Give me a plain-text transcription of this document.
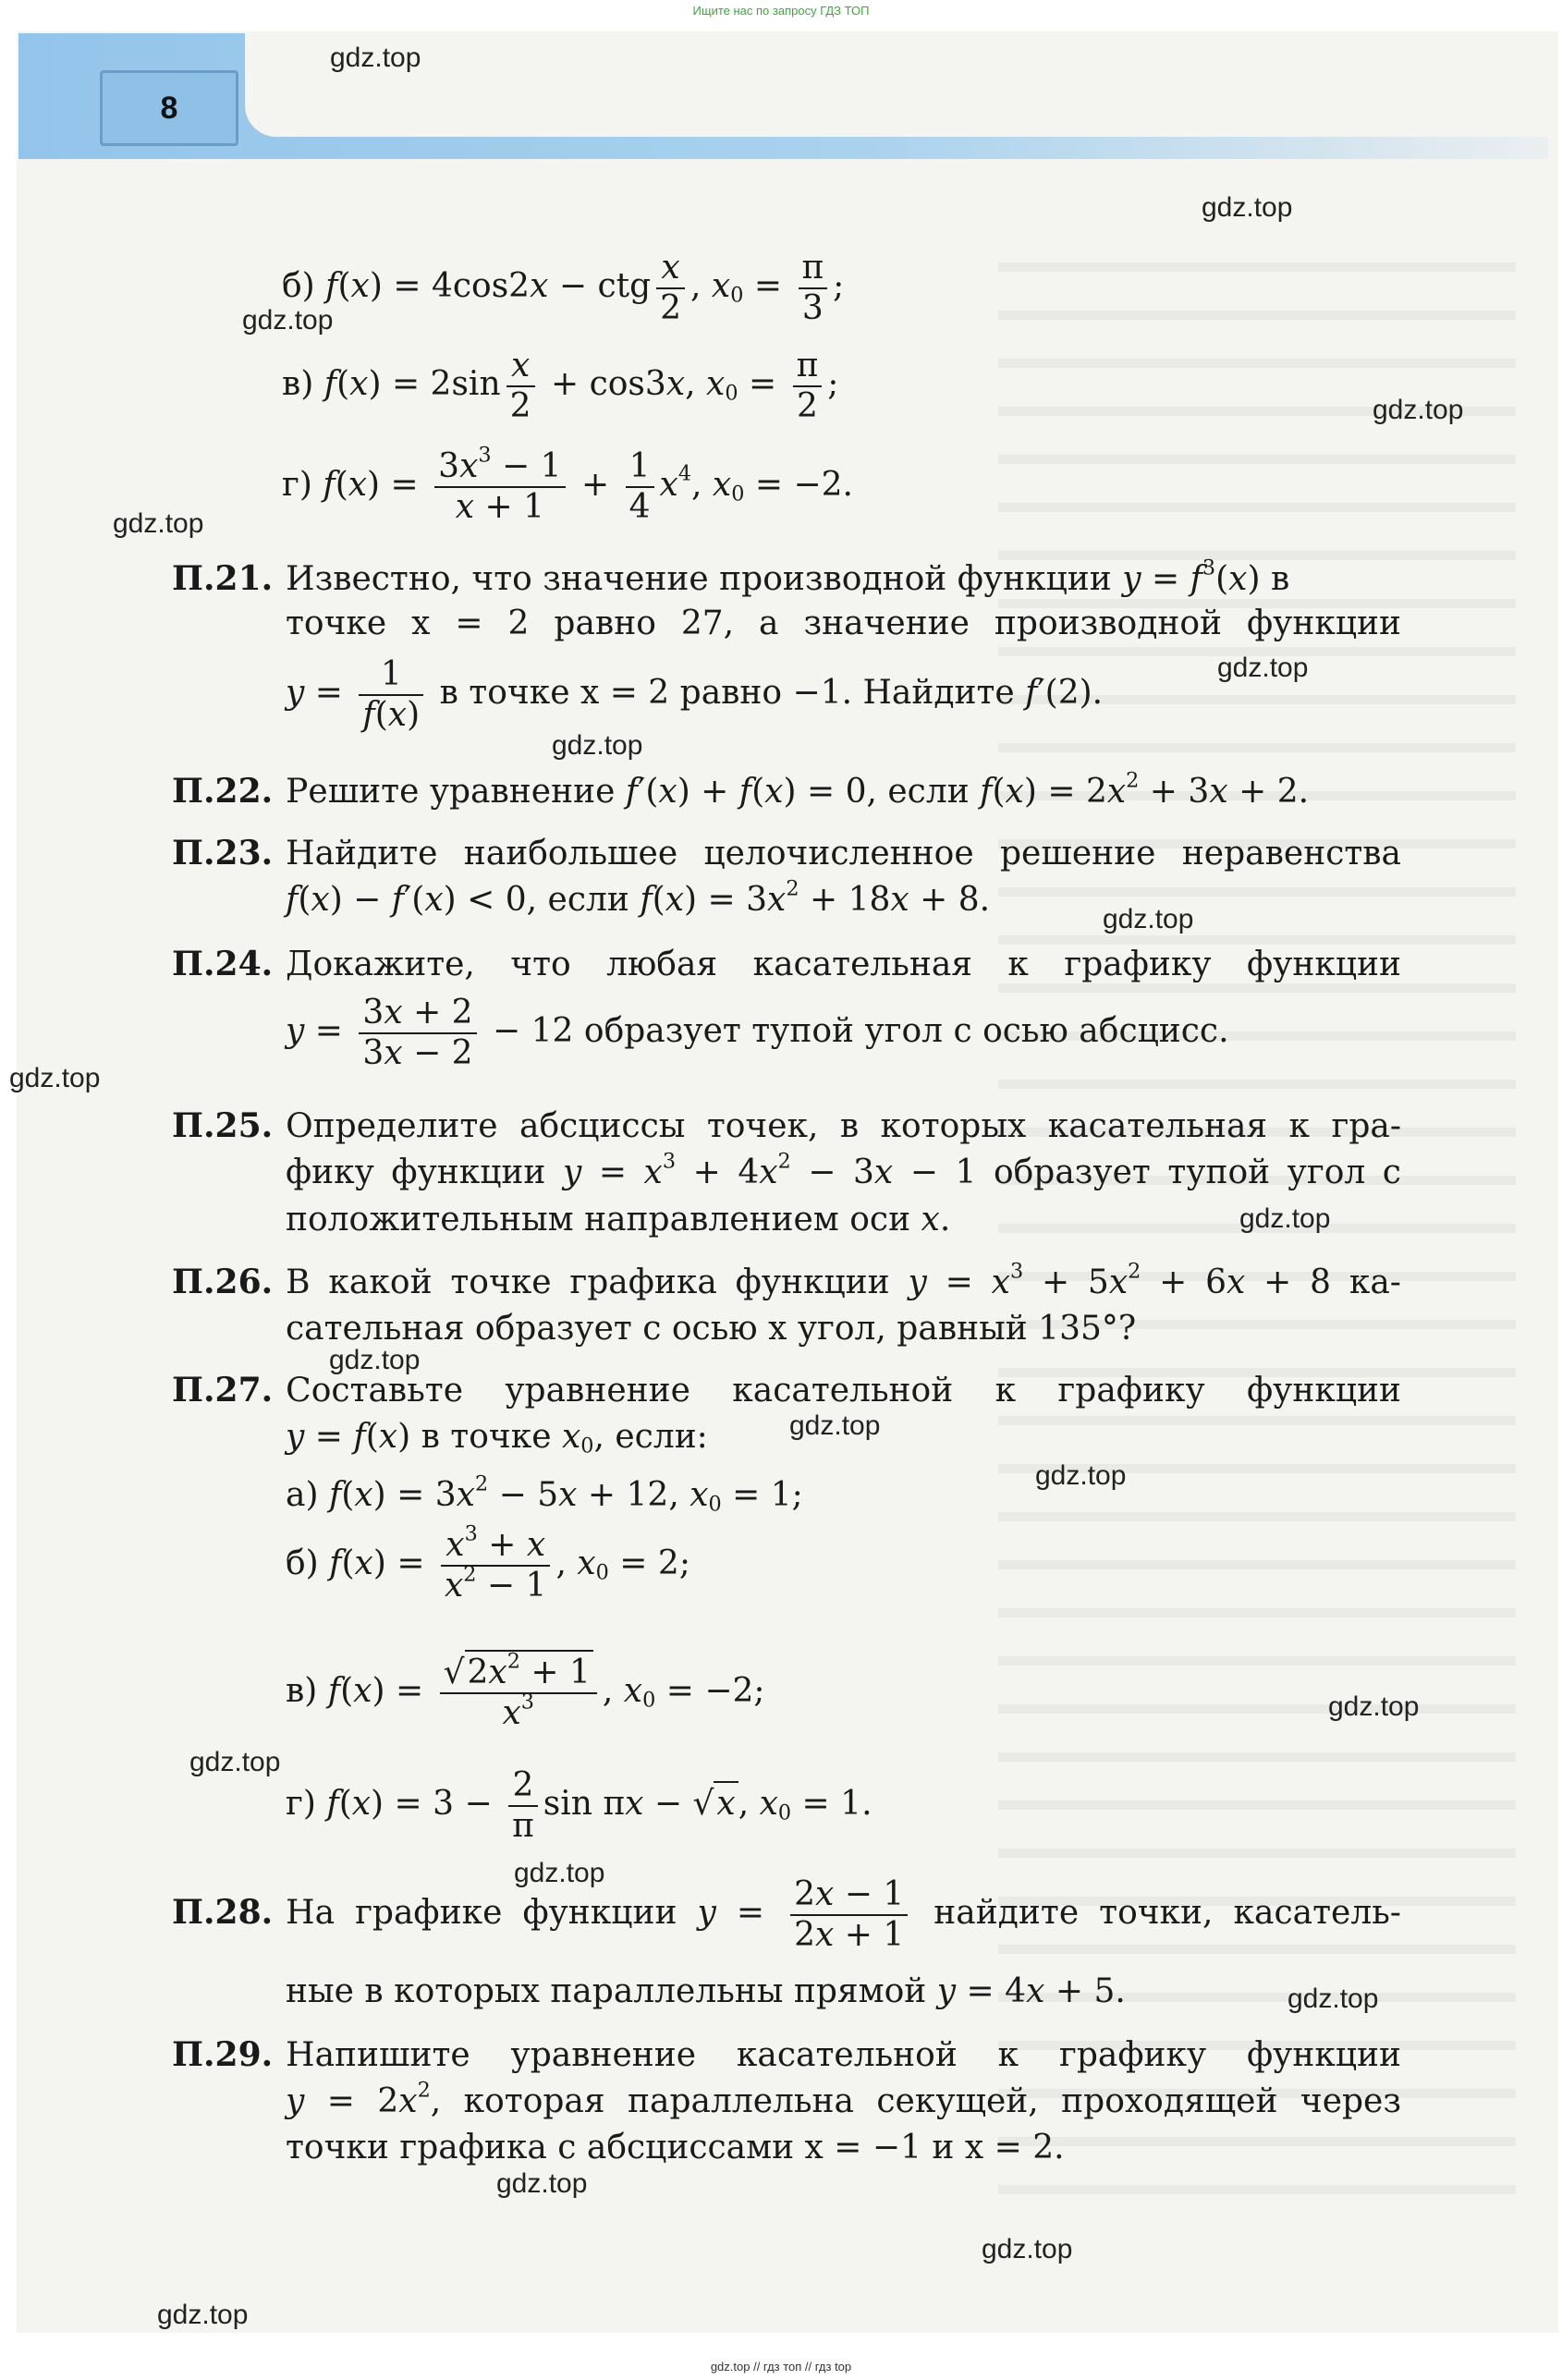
Ищите нас по запросу ГДЗ ТОП
8
gdz.top
gdz.top
gdz.top
gdz.top
gdz.top
gdz.top
gdz.top
gdz.top
gdz.top
gdz.top
gdz.top
gdz.top
gdz.top
gdz.top
gdz.top
gdz.top
gdz.top
gdz.top
gdz.top
gdz.top
б) f(x) = 4cos2x − ctg $\frac{x}{2}$ , $x_0 = \frac{\pi}{3}$ ;
в) $f(x) = 2\sin \frac{x}{2} + \cos 3x$, $x_0 = \frac{\pi}{2}$ ;
г) $f(x) = \frac{3x^3 - 1}{x + 1} + \frac{1}{4} x^4$, $x_0 = -2$.
П.21. Известно, что значение производной функции $y = f^3(x)$ в
точке x = 2 равно 27, а значение производной функции
$y = \frac{1}{f(x)}$ в точке x = 2 равно −1. Найдите f′(2).
П.22. Решите уравнение f′(x) + f(x) = 0, если $f(x) = 2x^2 + 3x + 2$.
П.23. Найдите наибольшее целочисленное решение неравенства
f(x) − f′(x) < 0, если $f(x) = 3x^2 + 18x + 8$.
П.24. Докажите, что любая касательная к графику функции
$y = \frac{3x + 2}{3x - 2} - 12$ образует тупой угол с осью абсцисс.
П.25. Определите абсциссы точек, в которых касательная к гра-
фику функции $y = x^3 + 4x^2 - 3x - 1$ образует тупой угол с
положительным направлением оси x.
П.26. В какой точке графика функции $y = x^3 + 5x^2 + 6x + 8$ ка-
сательная образует с осью x угол, равный 135°?
П.27. Составьте уравнение касательной к графику функции
y = f(x) в точке $x_0$, если:
а) $f(x) = 3x^2 - 5x + 12$, $x_0 = 1$;
б) $f(x) = \frac{x^3 + x}{x^2 - 1}$ , $x_0 = 2$;
в) $f(x) = \frac{√2x^2 + 1}{x^3}$ , $x_0 = -2$;
г) $f(x) = 3 - \frac{2}{\pi}$ sin πx − √x, $x_0 = 1$.
П.28. На графике функции $y = \frac{2x - 1}{2x + 1}$ найдите точки, касатель-
ные в которых параллельны прямой y = 4x + 5.
П.29. Напишите уравнение касательной к графику функции
$y = 2x^2$, которая параллельна секущей, проходящей через
точки графика с абсциссами x = −1 и x = 2.
gdz.top // гдз топ // гдз top
